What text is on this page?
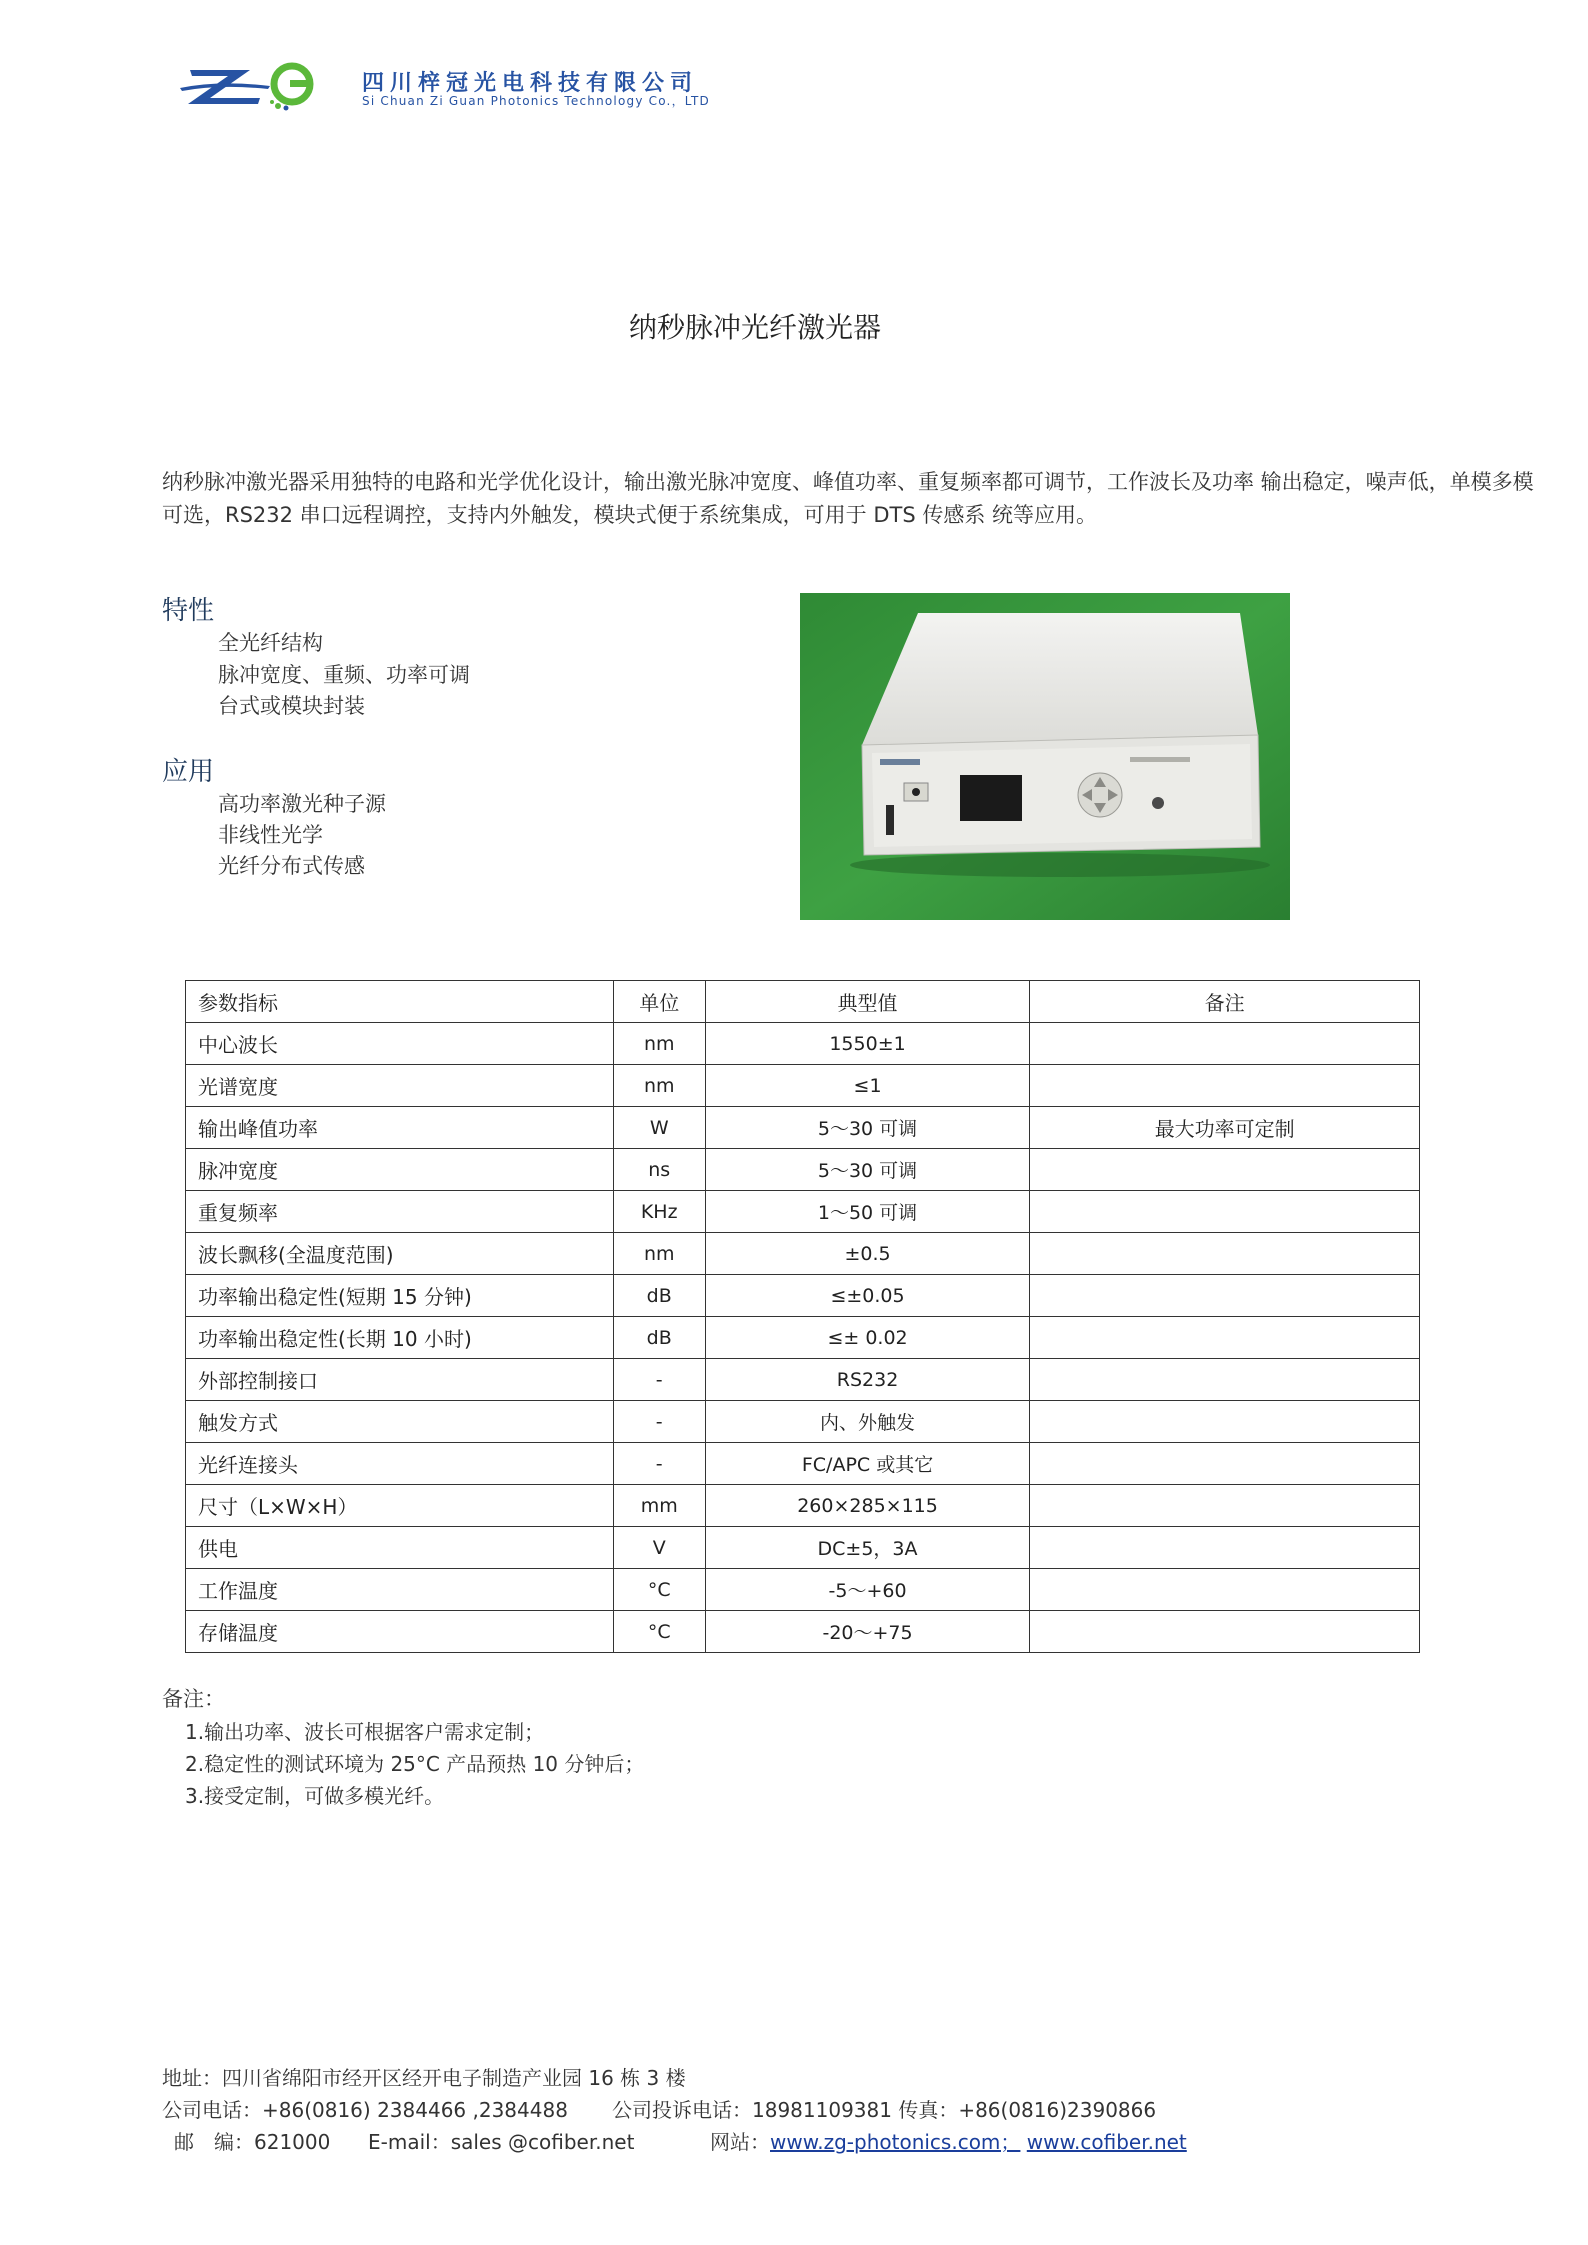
四川梓冠光电科技有限公司
Si Chuan Zi Guan Photonics Technology Co.，LTD
纳秒脉冲光纤激光器
纳秒脉冲激光器采用独特的电路和光学优化设计，输出激光脉冲宽度、峰值功率、重复频率都可调节，工作波长及功率 输出稳定，噪声低，单模多模可选，RS232 串口远程调控，支持内外触发，模块式便于系统集成，可用于 DTS 传感系 统等应用。
特性
全光纤结构
脉冲宽度、重频、功率可调
台式或模块封装
应用
高功率激光种子源
非线性光学
光纤分布式传感
参数指标	单位	典型值	备注
中心波长	nm	1550±1	
光谱宽度	nm	≤1	
输出峰值功率	W	5～30 可调	最大功率可定制
脉冲宽度	ns	5～30 可调	
重复频率	KHz	1～50 可调	
波长飘移(全温度范围)	nm	±0.5	
功率输出稳定性(短期 15 分钟)	dB	≤±0.05	
功率输出稳定性(长期 10 小时)	dB	≤± 0.02	
外部控制接口	-	RS232	
触发方式	-	内、外触发	
光纤连接头	-	FC/APC 或其它	
尺寸（L×W×H）	mm	260×285×115	
供电	V	DC±5，3A	
工作温度	°C	-5～+60	
存储温度	°C	-20～+75	
备注：
1.输出功率、波长可根据客户需求定制；
2.稳定性的测试环境为 25°C 产品预热 10 分钟后；
3.接受定制，可做多模光纤。
地址：四川省绵阳市经开区经开电子制造产业园 16 栋 3 楼
公司电话：+86(0816) 2384466 ,2384488 公司投诉电话：18981109381 传真：+86(0816)2390866
邮　编：621000 E-mail：sales @cofiber.net	网站：www.zg-photonics.com； www.cofiber.net
